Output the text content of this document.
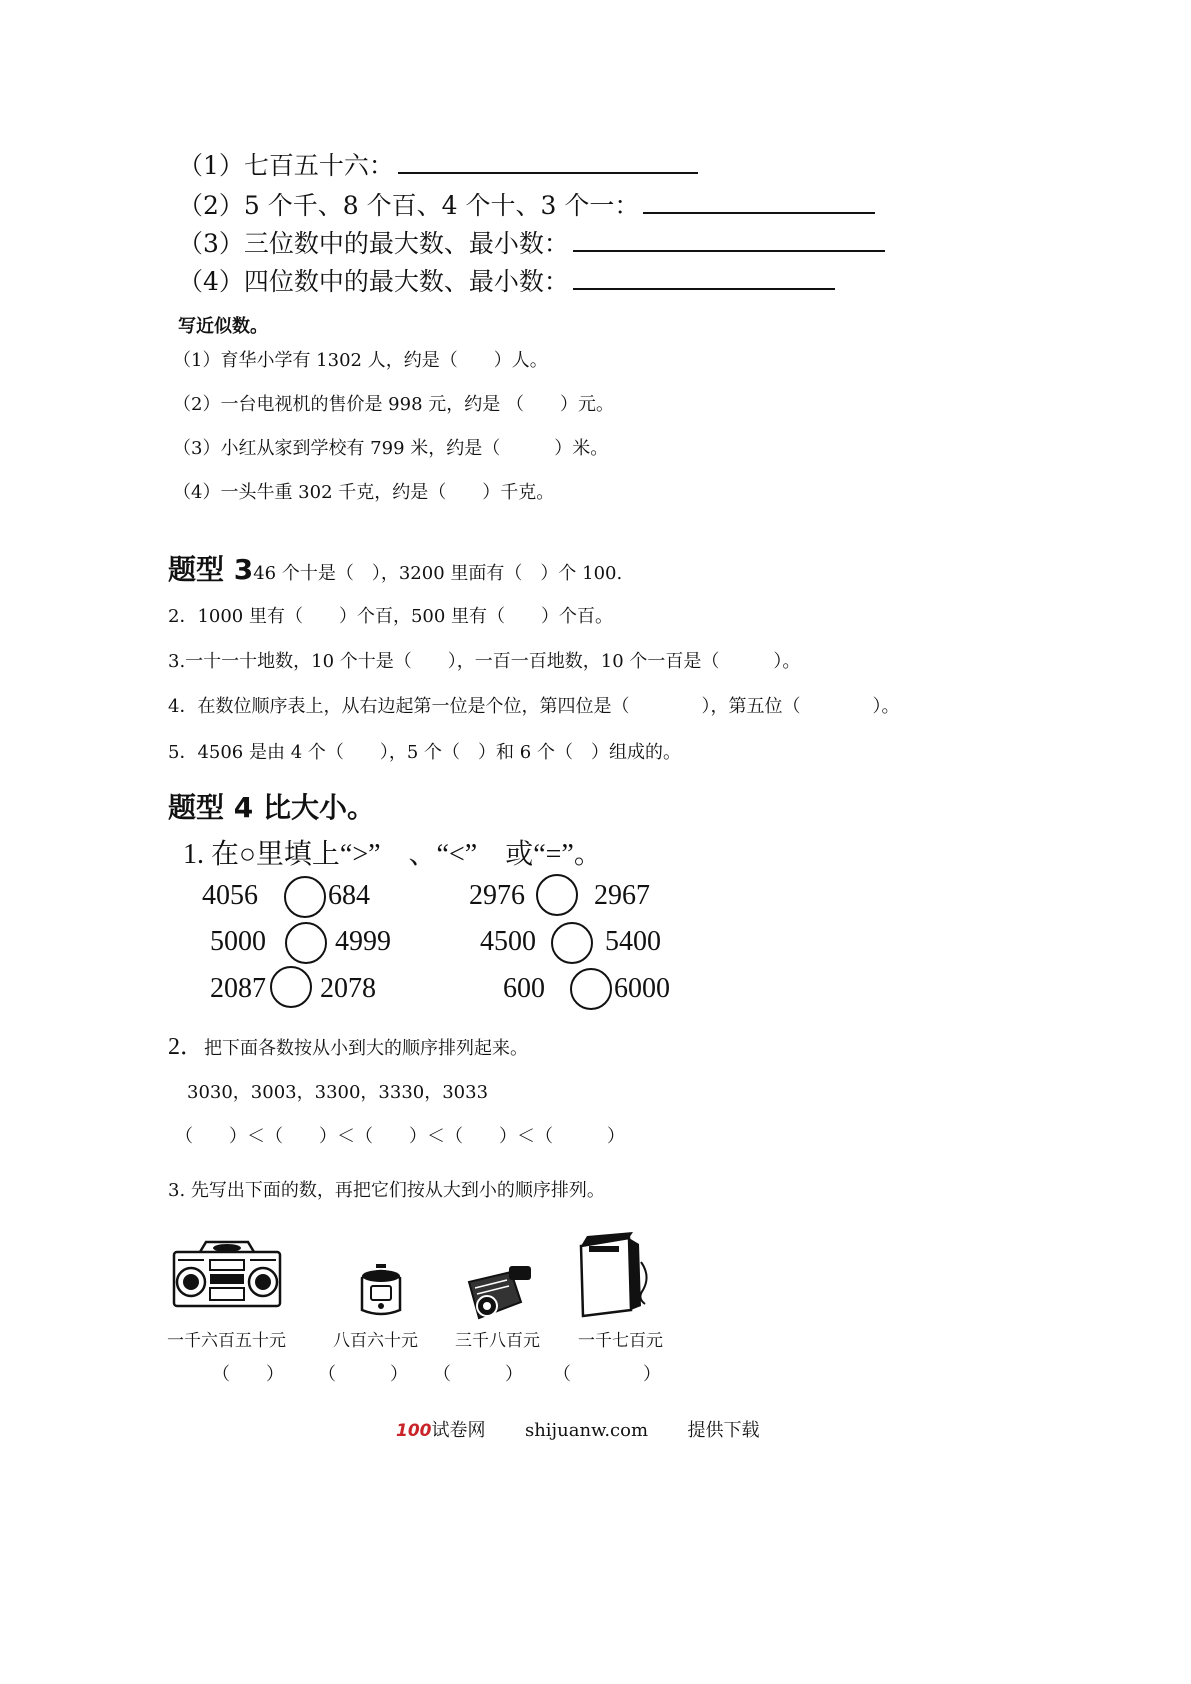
（1）七百五十六：
（2）5 个千、8 个百、4 个十、3 个一：
（3）三位数中的最大数、最小数：
（4）四位数中的最大数、最小数：
写近似数。
（1）育华小学有 1302 人，约是（　　）人。
（2）一台电视机的售价是 998 元，约是 （　　）元。
（3）小红从家到学校有 799 米，约是（　　　）米。
（4）一头牛重 302 千克，约是（　　）千克。
题型 346 个十是（　），3200 里面有（　）个 100.
2．1000 里有（　　）个百，500 里有（　　）个百。
3.一十一十地数，10 个十是（　　），一百一百地数，10 个一百是（　　　）。
4．在数位顺序表上，从右边起第一位是个位，第四位是（　　　　），第五位（　　　　）。
5．4506 是由 4 个（　　），5 个（　）和 6 个（　）组成的。
题型 4 比大小。
1. 在○里填上“>”　、“<”　或“=”。
4056	684	2976 2967
5000 4999	4500 5400
2087 2078	600 6000
2．把下面各数按从小到大的顺序排列起来。
3030，3003，3300，3330，3033
（　　）＜（　　）＜（　　）＜（　　）＜（　　　）
3. 先写出下面的数，再把它们按从大到小的顺序排列。
一千六百五十元	八百六十元 三千八百元 一千七百元
（　　） （　　　） （　　　） （　　　　）
100试卷网 shijuanw.com 提供下载
